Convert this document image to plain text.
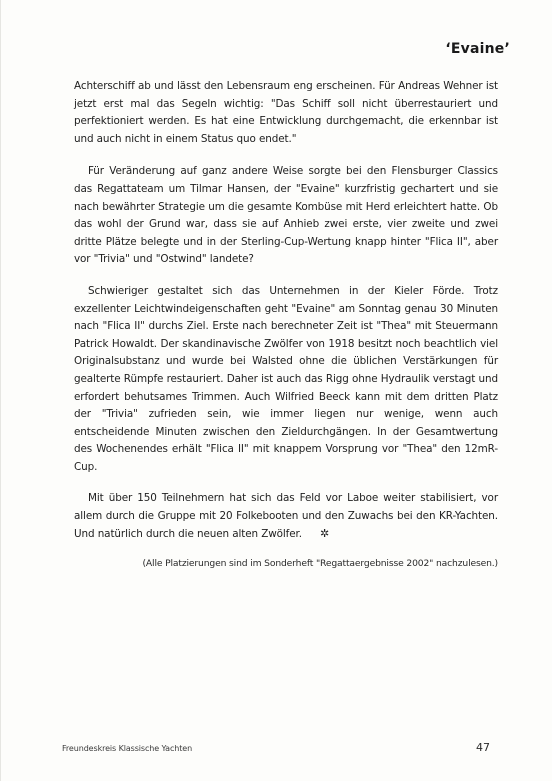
‘Evaine’

Achterschiff ab und lässt den Lebensraum eng erscheinen. Für Andreas Wehner ist jetzt erst mal das Segeln wichtig: "Das Schiff soll nicht überrestauriert und perfektioniert werden. Es hat eine Entwicklung durchgemacht, die erkennbar ist und auch nicht in einem Status quo endet."

Für Veränderung auf ganz andere Weise sorgte bei den Flensburger Classics das Regattateam um Tilmar Hansen, der "Evaine" kurzfristig gechartert und sie nach bewährter Strategie um die gesamte Kombüse mit Herd erleichtert hatte. Ob das wohl der Grund war, dass sie auf Anhieb zwei erste, vier zweite und zwei dritte Plätze belegte und in der Sterling-Cup-Wertung knapp hinter "Flica II", aber vor "Trivia" und "Ostwind" landete?

Schwieriger gestaltet sich das Unternehmen in der Kieler Förde. Trotz exzellenter Leichtwindeigenschaften geht "Evaine" am Sonntag genau 30 Minuten nach "Flica II" durchs Ziel. Erste nach berechneter Zeit ist "Thea" mit Steuermann Patrick Howaldt. Der skandinavische Zwölfer von 1918 besitzt noch beachtlich viel Originalsubstanz und wurde bei Walsted ohne die üblichen Verstärkungen für gealterte Rümpfe restauriert. Daher ist auch das Rigg ohne Hydraulik verstagt und erfordert behutsames Trimmen. Auch Wilfried Beeck kann mit dem dritten Platz der "Trivia" zufrieden sein, wie immer liegen nur wenige, wenn auch entscheidende Minuten zwischen den Zieldurchgängen. In der Gesamtwertung des Wochenendes erhält "Flica II" mit knappem Vorsprung vor "Thea" den 12mR-Cup.

Mit über 150 Teilnehmern hat sich das Feld vor Laboe weiter stabilisiert, vor allem durch die Gruppe mit 20 Folkebooten und den Zuwachs bei den KR-Yachten. Und natürlich durch die neuen alten Zwölfer. ✲

(Alle Platzierungen sind im Sonderheft "Regattaergebnisse 2002" nachzulesen.)

Freundeskreis Klassische Yachten	47
